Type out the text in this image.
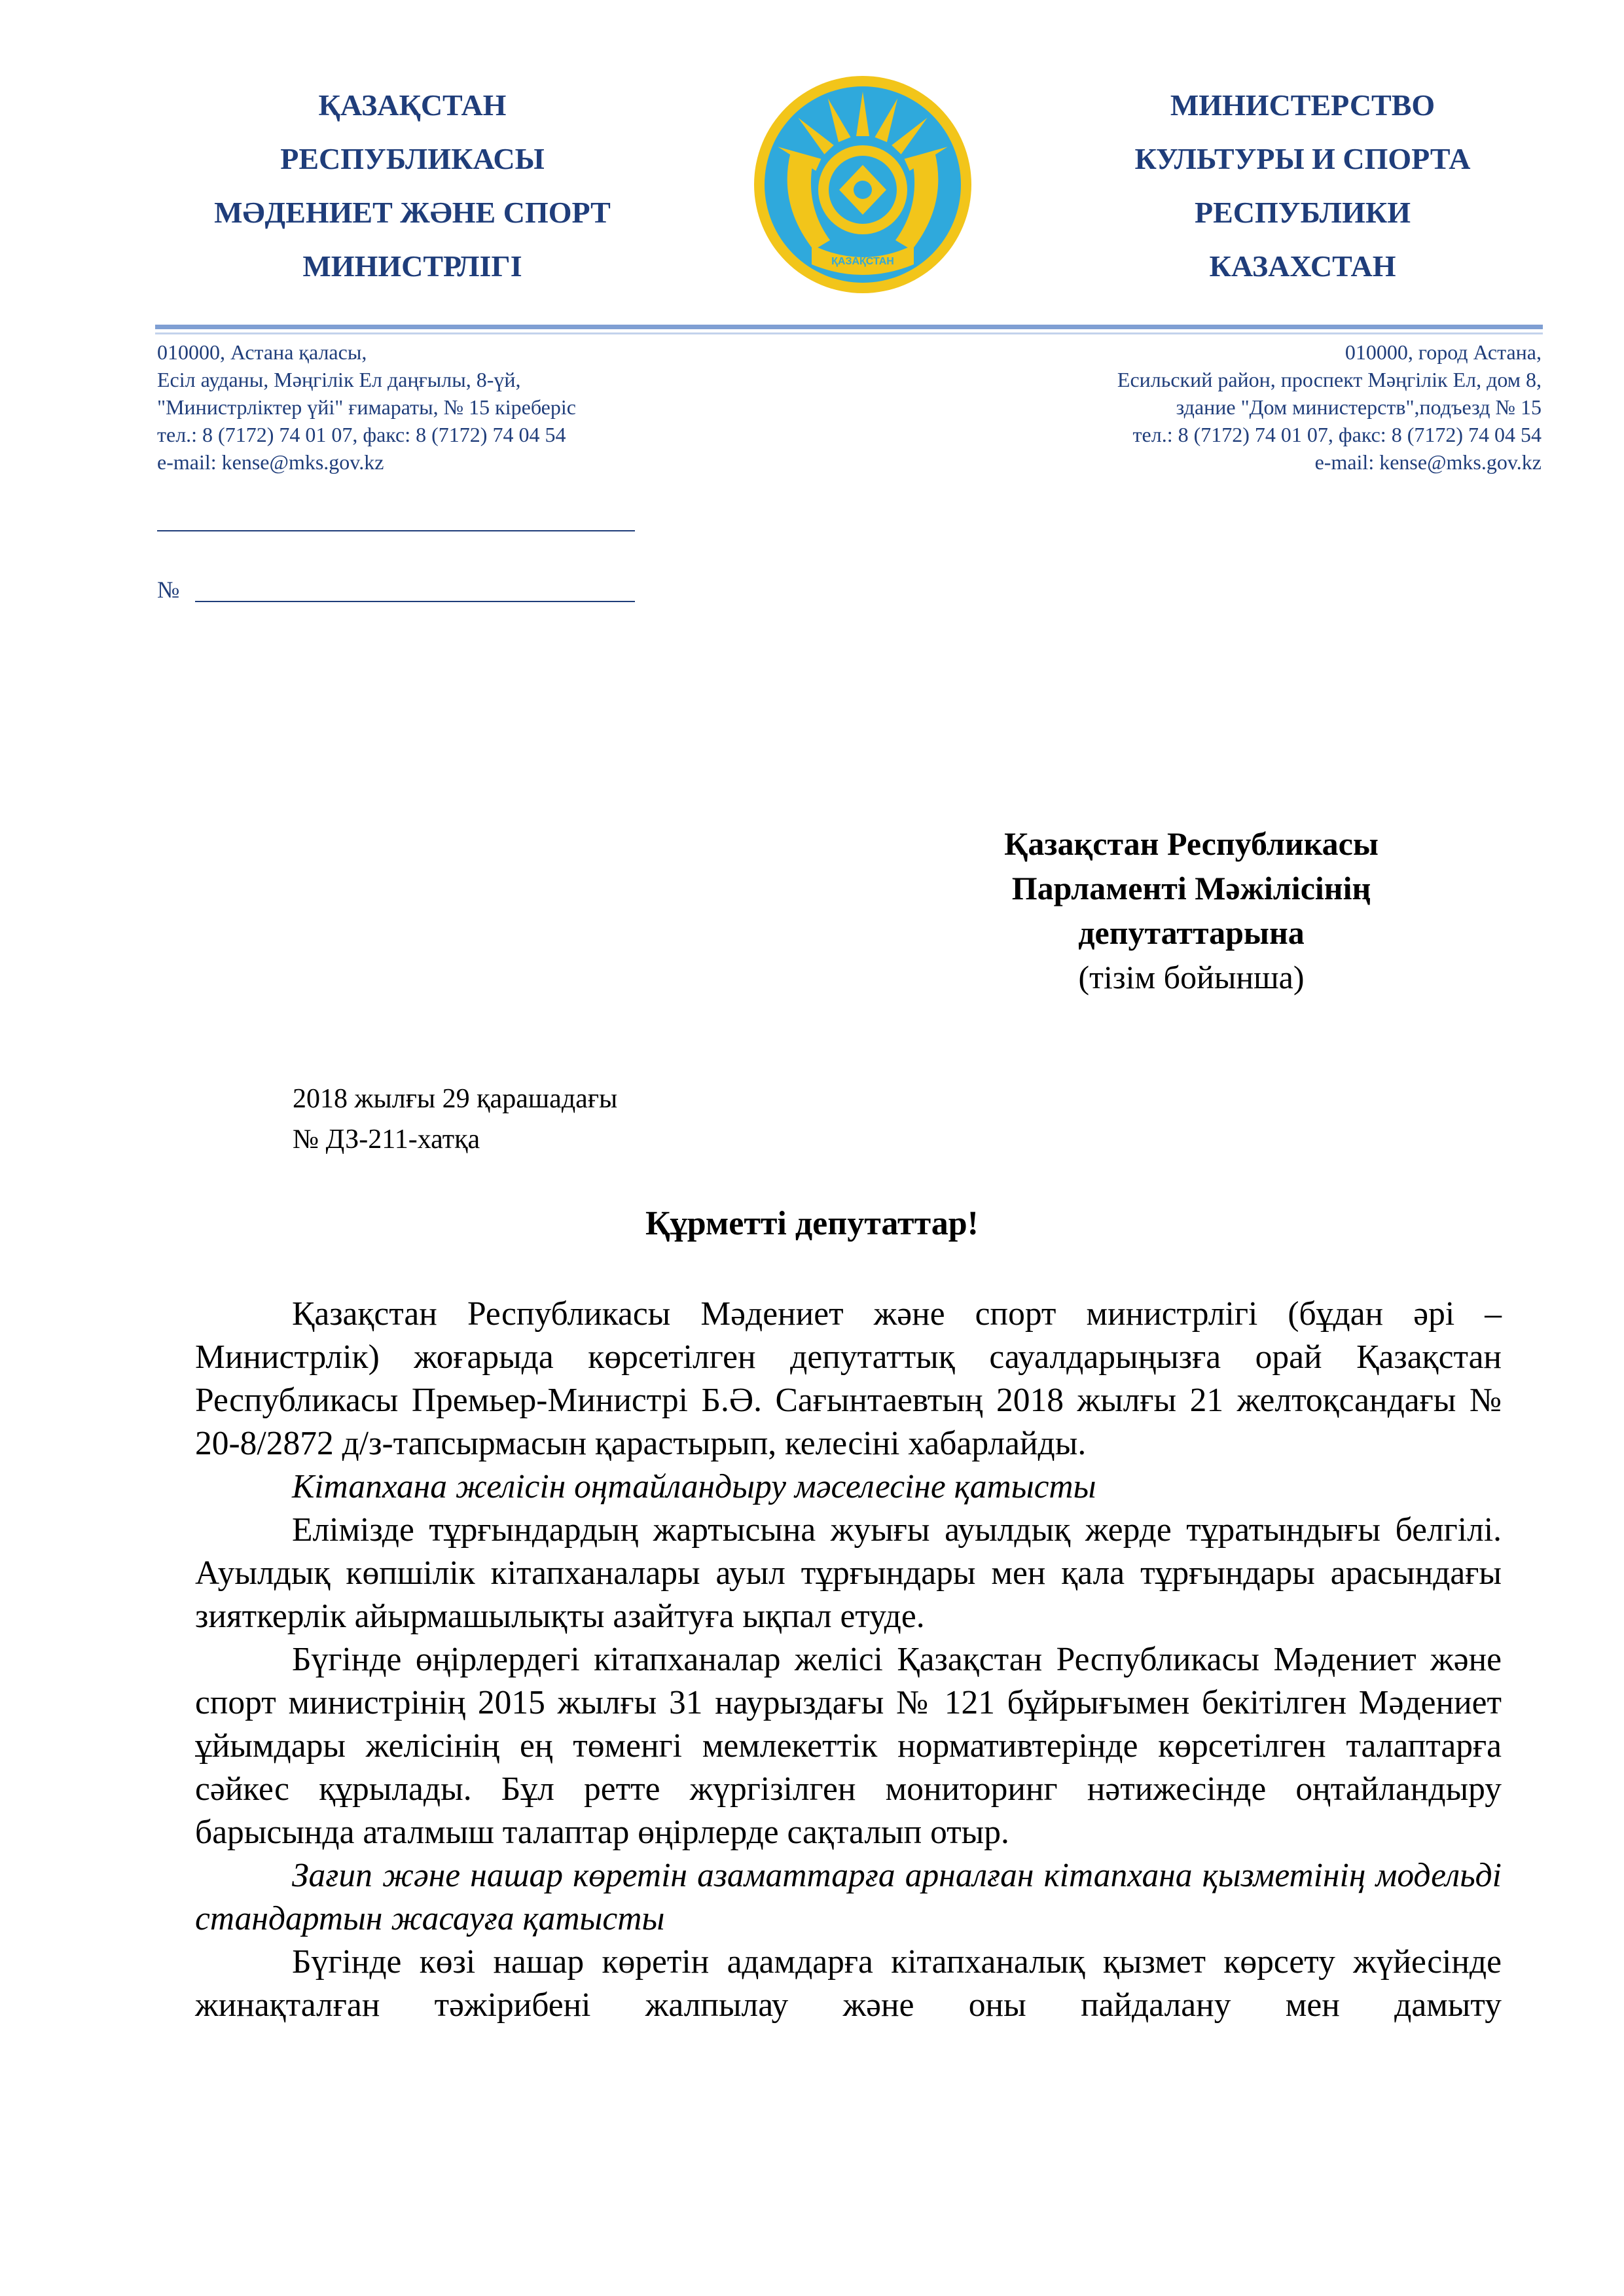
ҚАЗАҚСТАН
РЕСПУБЛИКАСЫ
МӘДЕНИЕТ ЖӘНЕ СПОРТ
МИНИСТРЛІГІ	ҚАЗАҚСТАН
МИНИСТЕРСТВО
КУЛЬТУРЫ И СПОРТА
РЕСПУБЛИКИ
КАЗАХСТАН
010000, Астана қаласы,
Есіл ауданы, Мәңгілік Ел даңғылы, 8-үй,
"Министрліктер үйі" ғимараты, № 15 кіреберіс
тел.: 8 (7172) 74 01 07, факс: 8 (7172) 74 04 54
e-mail: kense@mks.gov.kz
010000, город Астана,
Есильский район, проспект Мәңгілік Ел, дом 8,
здание "Дом министерств",подъезд № 15
тел.: 8 (7172) 74 01 07, факс: 8 (7172) 74 04 54
e-mail: kense@mks.gov.kz
№
Қазақстан Республикасы
Парламенті Мәжілісінің
депутаттарына
(тізім бойынша)
2018 жылғы 29 қарашадағы
№ ДЗ-211-хатқа
Құрметті депутаттар!

Қазақстан Республикасы Мәдениет және спорт министрлігі (бұдан әрі – Министрлік) жоғарыда көрсетілген депутаттық сауалдарыңызға орай Қазақстан Республикасы Премьер-Министрі Б.Ә. Сағынтаевтың 2018 жылғы 21 желтоқсандағы № 20-8/2872 д/з-тапсырмасын қарастырып, келесіні хабарлайды.

Кітапхана желісін оңтайландыру мәселесіне қатысты

Елімізде тұрғындардың жартысына жуығы ауылдық жерде тұратындығы белгілі. Ауылдық көпшілік кітапханалары ауыл тұрғындары мен қала тұрғындары арасындағы зияткерлік айырмашылықты азайтуға ықпал етуде.

Бүгінде өңірлердегі кітапханалар желісі Қазақстан Республикасы Мәдениет және спорт министрінің 2015 жылғы 31 наурыздағы № 121 бұйрығымен бекітілген Мәдениет ұйымдары желісінің ең төменгі мемлекеттік нормативтерінде көрсетілген талаптарға сәйкес құрылады. Бұл ретте жүргізілген мониторинг нәтижесінде оңтайландыру барысында аталмыш талаптар өңірлерде сақталып отыр.

Зағип және нашар көретін азаматтарға арналған кітапхана қызметінің модельді стандартын жасауға қатысты

Бүгінде көзі нашар көретін адамдарға кітапханалық қызмет көрсету жүйесінде жинақталған тәжірибені жалпылау және оны пайдалану мен дамыту
